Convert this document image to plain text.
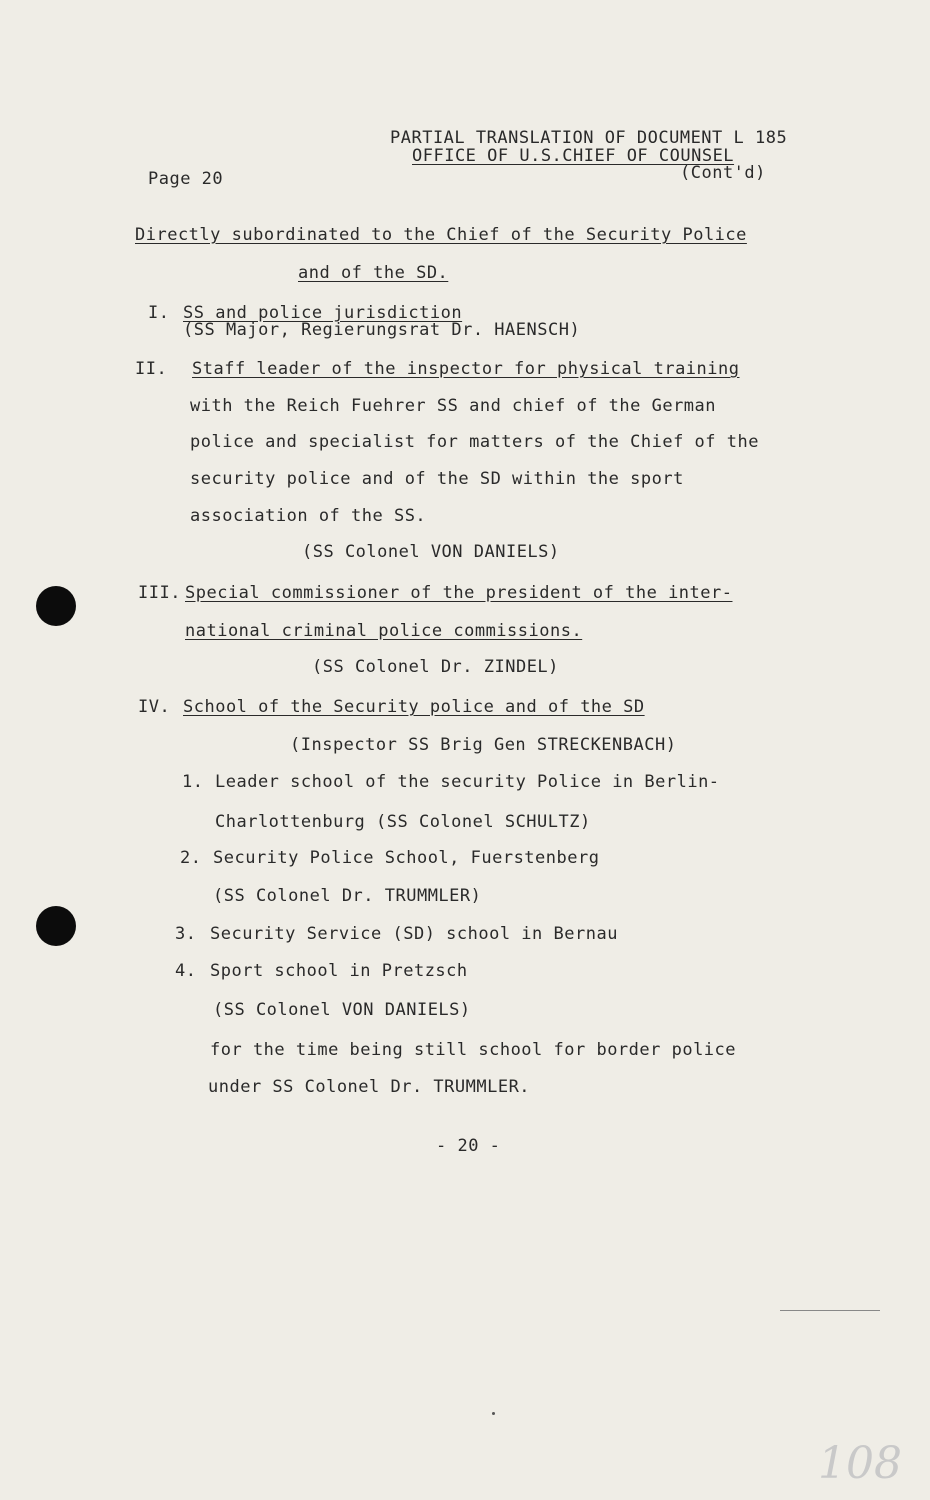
PARTIAL TRANSLATION OF DOCUMENT L 185
OFFICE OF U.S.CHIEF OF COUNSEL
(Cont'd)
Page 20
Directly subordinated to the Chief of the Security Police
and of the SD.
I. SS and police jurisdiction
(SS Major, Regierungsrat Dr. HAENSCH)
II. Staff leader of the inspector for physical training
with the Reich Fuehrer SS and chief of the German
police and specialist for matters of the Chief of the
security police and of the SD within the sport
association of the SS.
(SS Colonel VON DANIELS)
III. Special commissioner of the president of the inter-
national criminal police commissions.
(SS Colonel Dr. ZINDEL)
IV. School of the Security police and of the SD
(Inspector SS Brig Gen STRECKENBACH)
1. Leader school of the security Police in Berlin-
Charlottenburg (SS Colonel SCHULTZ)
2. Security Police School, Fuerstenberg
(SS Colonel Dr. TRUMMLER)
3. Security Service (SD) school in Bernau
4. Sport school in Pretzsch
(SS Colonel VON DANIELS)
for the time being still school for border police
under SS Colonel Dr. TRUMMLER.
- 20 -
108
